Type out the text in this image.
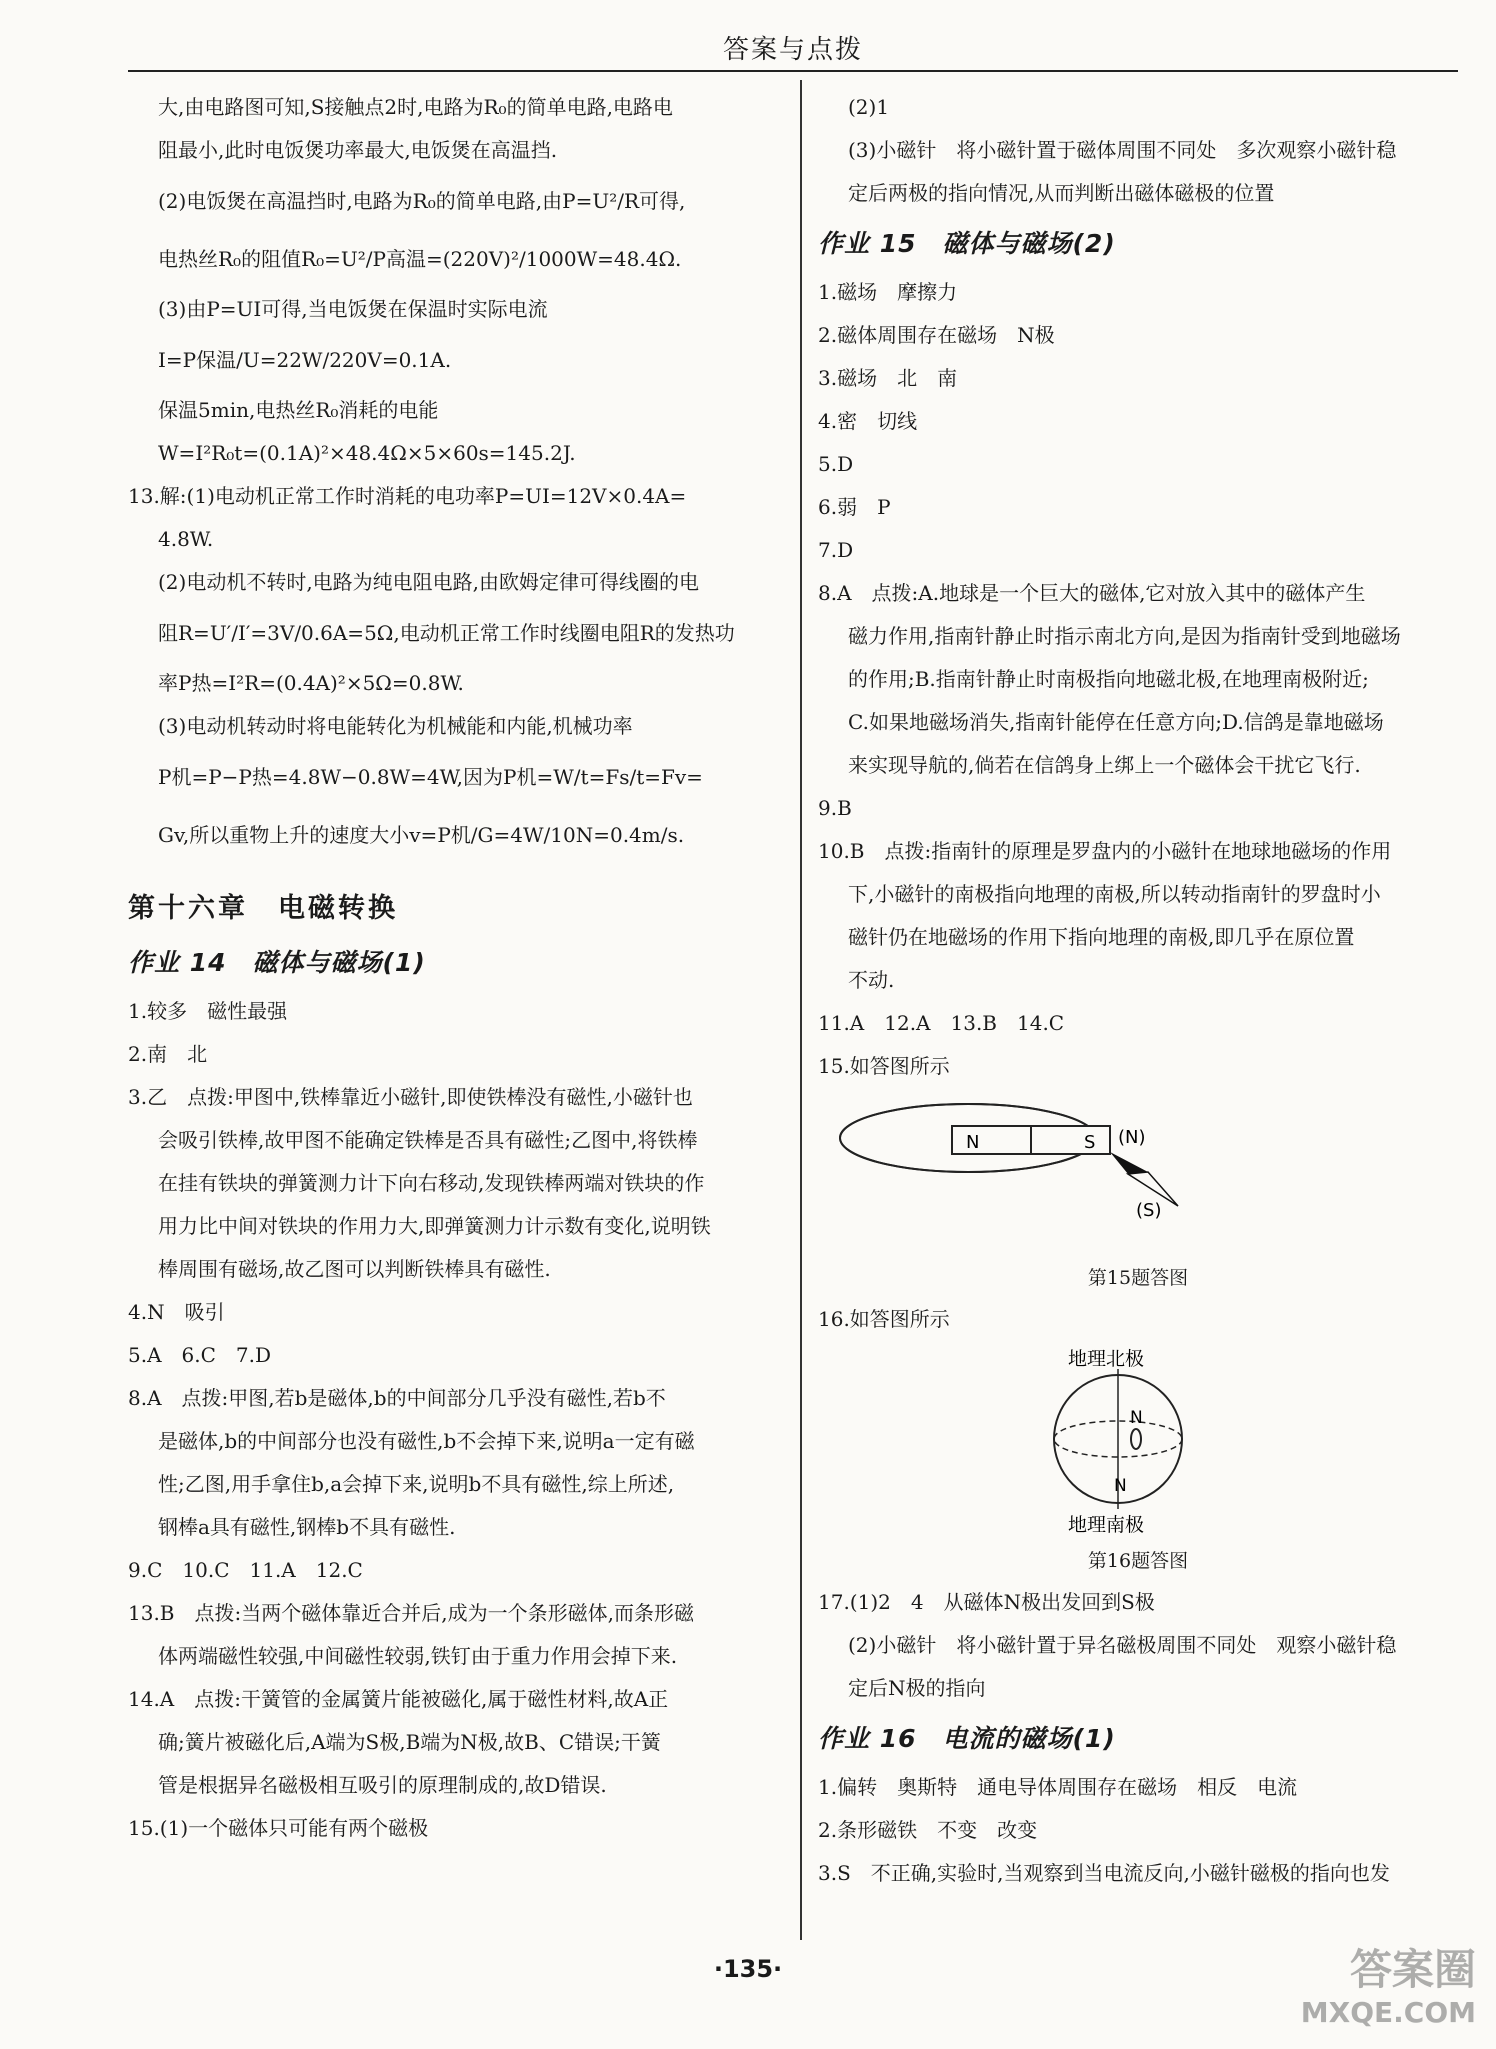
答案与点拨
大,由电路图可知,S接触点2时,电路为R₀的简单电路,电路电
阻最小,此时电饭煲功率最大,电饭煲在高温挡.
(2)电饭煲在高温挡时,电路为R₀的简单电路,由P=U²/R可得,
电热丝R₀的阻值R₀=U²/P高温=(220V)²/1000W=48.4Ω.
(3)由P=UI可得,当电饭煲在保温时实际电流
I=P保温/U=22W/220V=0.1A.
保温5min,电热丝R₀消耗的电能
W=I²R₀t=(0.1A)²×48.4Ω×5×60s=145.2J.
13.解:(1)电动机正常工作时消耗的电功率P=UI=12V×0.4A=
4.8W.
(2)电动机不转时,电路为纯电阻电路,由欧姆定律可得线圈的电
阻R=U′/I′=3V/0.6A=5Ω,电动机正常工作时线圈电阻R的发热功
率P热=I²R=(0.4A)²×5Ω=0.8W.
(3)电动机转动时将电能转化为机械能和内能,机械功率
P机=P−P热=4.8W−0.8W=4W,因为P机=W/t=Fs/t=Fv=
Gv,所以重物上升的速度大小v=P机/G=4W/10N=0.4m/s.
第十六章　电磁转换
作业 14　磁体与磁场(1)
1.较多　磁性最强
2.南　北
3.乙　点拨:甲图中,铁棒靠近小磁针,即使铁棒没有磁性,小磁针也
会吸引铁棒,故甲图不能确定铁棒是否具有磁性;乙图中,将铁棒
在挂有铁块的弹簧测力计下向右移动,发现铁棒两端对铁块的作
用力比中间对铁块的作用力大,即弹簧测力计示数有变化,说明铁
棒周围有磁场,故乙图可以判断铁棒具有磁性.
4.N　吸引
5.A　6.C　7.D
8.A　点拨:甲图,若b是磁体,b的中间部分几乎没有磁性,若b不
是磁体,b的中间部分也没有磁性,b不会掉下来,说明a一定有磁
性;乙图,用手拿住b,a会掉下来,说明b不具有磁性,综上所述,
钢棒a具有磁性,钢棒b不具有磁性.
9.C　10.C　11.A　12.C
13.B　点拨:当两个磁体靠近合并后,成为一个条形磁体,而条形磁
体两端磁性较强,中间磁性较弱,铁钉由于重力作用会掉下来.
14.A　点拨:干簧管的金属簧片能被磁化,属于磁性材料,故A正
确;簧片被磁化后,A端为S极,B端为N极,故B、C错误;干簧
管是根据异名磁极相互吸引的原理制成的,故D错误.
15.(1)一个磁体只可能有两个磁极
(2)1
(3)小磁针　将小磁针置于磁体周围不同处　多次观察小磁针稳
定后两极的指向情况,从而判断出磁体磁极的位置
作业 15　磁体与磁场(2)
1.磁场　摩擦力
2.磁体周围存在磁场　N极
3.磁场　北　南
4.密　切线
5.D
6.弱　P
7.D
8.A　点拨:A.地球是一个巨大的磁体,它对放入其中的磁体产生
磁力作用,指南针静止时指示南北方向,是因为指南针受到地磁场
的作用;B.指南针静止时南极指向地磁北极,在地理南极附近;
C.如果地磁场消失,指南针能停在任意方向;D.信鸽是靠地磁场
来实现导航的,倘若在信鸽身上绑上一个磁体会干扰它飞行.
9.B
10.B　点拨:指南针的原理是罗盘内的小磁针在地球地磁场的作用
下,小磁针的南极指向地理的南极,所以转动指南针的罗盘时小
磁针仍在地磁场的作用下指向地理的南极,即几乎在原位置
不动.
11.A　12.A　13.B　14.C
15.如答图所示
N	S (N)
(S)
第15题答图
16.如答图所示
地理北极
N
N
地理南极
第16题答图
17.(1)2　4　从磁体N极出发回到S极
(2)小磁针　将小磁针置于异名磁极周围不同处　观察小磁针稳
定后N极的指向
作业 16　电流的磁场(1)
1.偏转　奥斯特　通电导体周围存在磁场　相反　电流
2.条形磁铁　不变　改变
3.S　不正确,实验时,当观察到当电流反向,小磁针磁极的指向也发
·135·	答案圈
MXQE.COM
